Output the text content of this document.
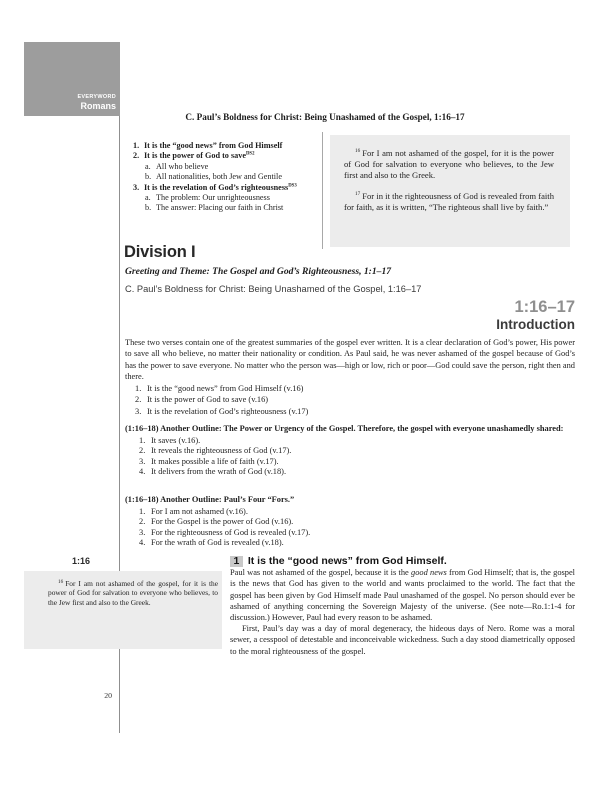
EVERYWORD
Romans
C. Paul’s Boldness for Christ: Being Unashamed of the Gospel, 1:16–17
1. It is the “good news” from God Himself
2. It is the power of God to save$^{DS2}$
a. All who believe
b. All nationalities, both Jew and Gentile
3. It is the revelation of God’s righteousness$^{DS3}$
a. The problem: Our unrighteousness
b. The answer: Placing our faith in Christ

$^{16}$ For I am not ashamed of the gospel, for it is the power of God for salvation to everyone who believes, to the Jew first and also to the Greek.

$^{17}$ For in it the righteousness of God is revealed from faith for faith, as it is written, “The righteous shall live by faith.”

Division I
Greeting and Theme: The Gospel and God’s Righteousness, 1:1–17
C. Paul’s Boldness for Christ: Being Unashamed of the Gospel, 1:16–17
1:16–17
Introduction

These two verses contain one of the greatest summaries of the gospel ever written. It is a clear declaration of God’s power, His power to save all who believe, no matter their nationality or condition. As Paul said, he was never ashamed of the gospel because of God’s has the power to save everyone. No matter who the person was—high or low, rich or poor—God could save the person, right then and there.

1. It is the “good news” from God Himself (v.16)
2. It is the power of God to save (v.16)
3. It is the revelation of God’s righteousness (v.17)

(1:16–18) Another Outline: The Power or Urgency of the Gospel. Therefore, the gospel with everyone unashamedly shared:

1. It saves (v.16).
2. It reveals the righteousness of God (v.17).
3. It makes possible a life of faith (v.17).
4. It delivers from the wrath of God (v.18).

(1:16–18) Another Outline: Paul’s Four “Fors.”

1. For I am not ashamed (v.16).
2. For the Gospel is the power of God (v.16).
3. For the righteousness of God is revealed (v.17).
4. For the wrath of God is revealed (v.18).
1:16

$^{16}$ For I am not ashamed of the gospel, for it is the power of God for salvation to everyone who believes, to the Jew first and also to the Greek.

1 It is the “good news” from God Himself.

Paul was not ashamed of the gospel, because it is the good news from God Himself; that is, the gospel is the news that God has given to the world and wants proclaimed to the world. The fact that the gospel has been given by God Himself made Paul unashamed of the gospel. No person should ever be ashamed of anything concerning the Sovereign Majesty of the universe. (See note—Ro.1:1-4 for discussion.) However, Paul had every reason to be ashamed.

First, Paul’s day was a day of moral degeneracy, the hideous days of Nero. Rome was a moral sewer, a cesspool of detestable and inconceivable wickedness. Such a day stood diametrically opposed to the moral righteousness of the gospel.

20
